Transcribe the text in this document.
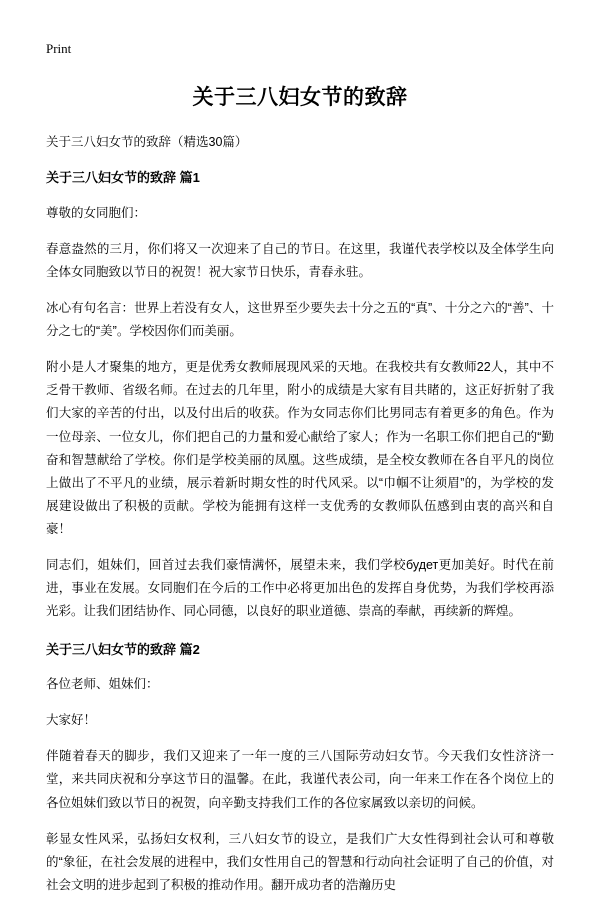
Print
关于三八妇女节的致辞
关于三八妇女节的致辞（精选30篇）
关于三八妇女节的致辞 篇1

尊敬的女同胞们：

春意盎然的三月，你们将又一次迎来了自己的节日。在这里，我谨代表学校以及全体学生向全体女同胞致以节日的祝贺！祝大家节日快乐，青春永驻。

冰心有句名言：世界上若没有女人，这世界至少要失去十分之五的“真”、十分之六的“善”、十分之七的“美”。学校因你们而美丽。

附小是人才聚集的地方，更是优秀女教师展现风采的天地。在我校共有女教师22人，其中不乏骨干教师、省级名师。在过去的几年里，附小的成绩是大家有目共睹的，这正好折射了我们大家的辛苦的付出，以及付出后的收获。作为女同志你们比男同志有着更多的角色。作为一位母亲、一位女儿，你们把自己的力量和爱心献给了家人；作为一名职工你们把自己的“勤奋和智慧献给了学校。你们是学校美丽的凤凰。这些成绩，是全校女教师在各自平凡的岗位上做出了不平凡的业绩，展示着新时期女性的时代风采。以“巾帼不让须眉”的，为学校的发展建设做出了积极的贡献。学校为能拥有这样一支优秀的女教师队伍感到由衷的高兴和自豪！

同志们，姐妹们，回首过去我们豪情满怀，展望未来，我们学校будет更加美好。时代在前进，事业在发展。女同胞们在今后的工作中必将更加出色的发挥自身优势，为我们学校再添光彩。让我们团结协作、同心同德，以良好的职业道德、崇高的奉献，再续新的辉煌。

关于三八妇女节的致辞 篇2

各位老师、姐妹们：

大家好！

伴随着春天的脚步，我们又迎来了一年一度的三八国际劳动妇女节。今天我们女性济济一堂，来共同庆祝和分享这节日的温馨。在此，我谨代表公司，向一年来工作在各个岗位上的各位姐妹们致以节日的祝贺，向辛勤支持我们工作的各位家属致以亲切的问候。

彰显女性风采，弘扬妇女权利，三八妇女节的设立，是我们广大女性得到社会认可和尊敬的“象征，在社会发展的进程中，我们女性用自己的智慧和行动向社会证明了自己的价值，对社会文明的进步起到了积极的推动作用。翻开成功者的浩瀚历史
